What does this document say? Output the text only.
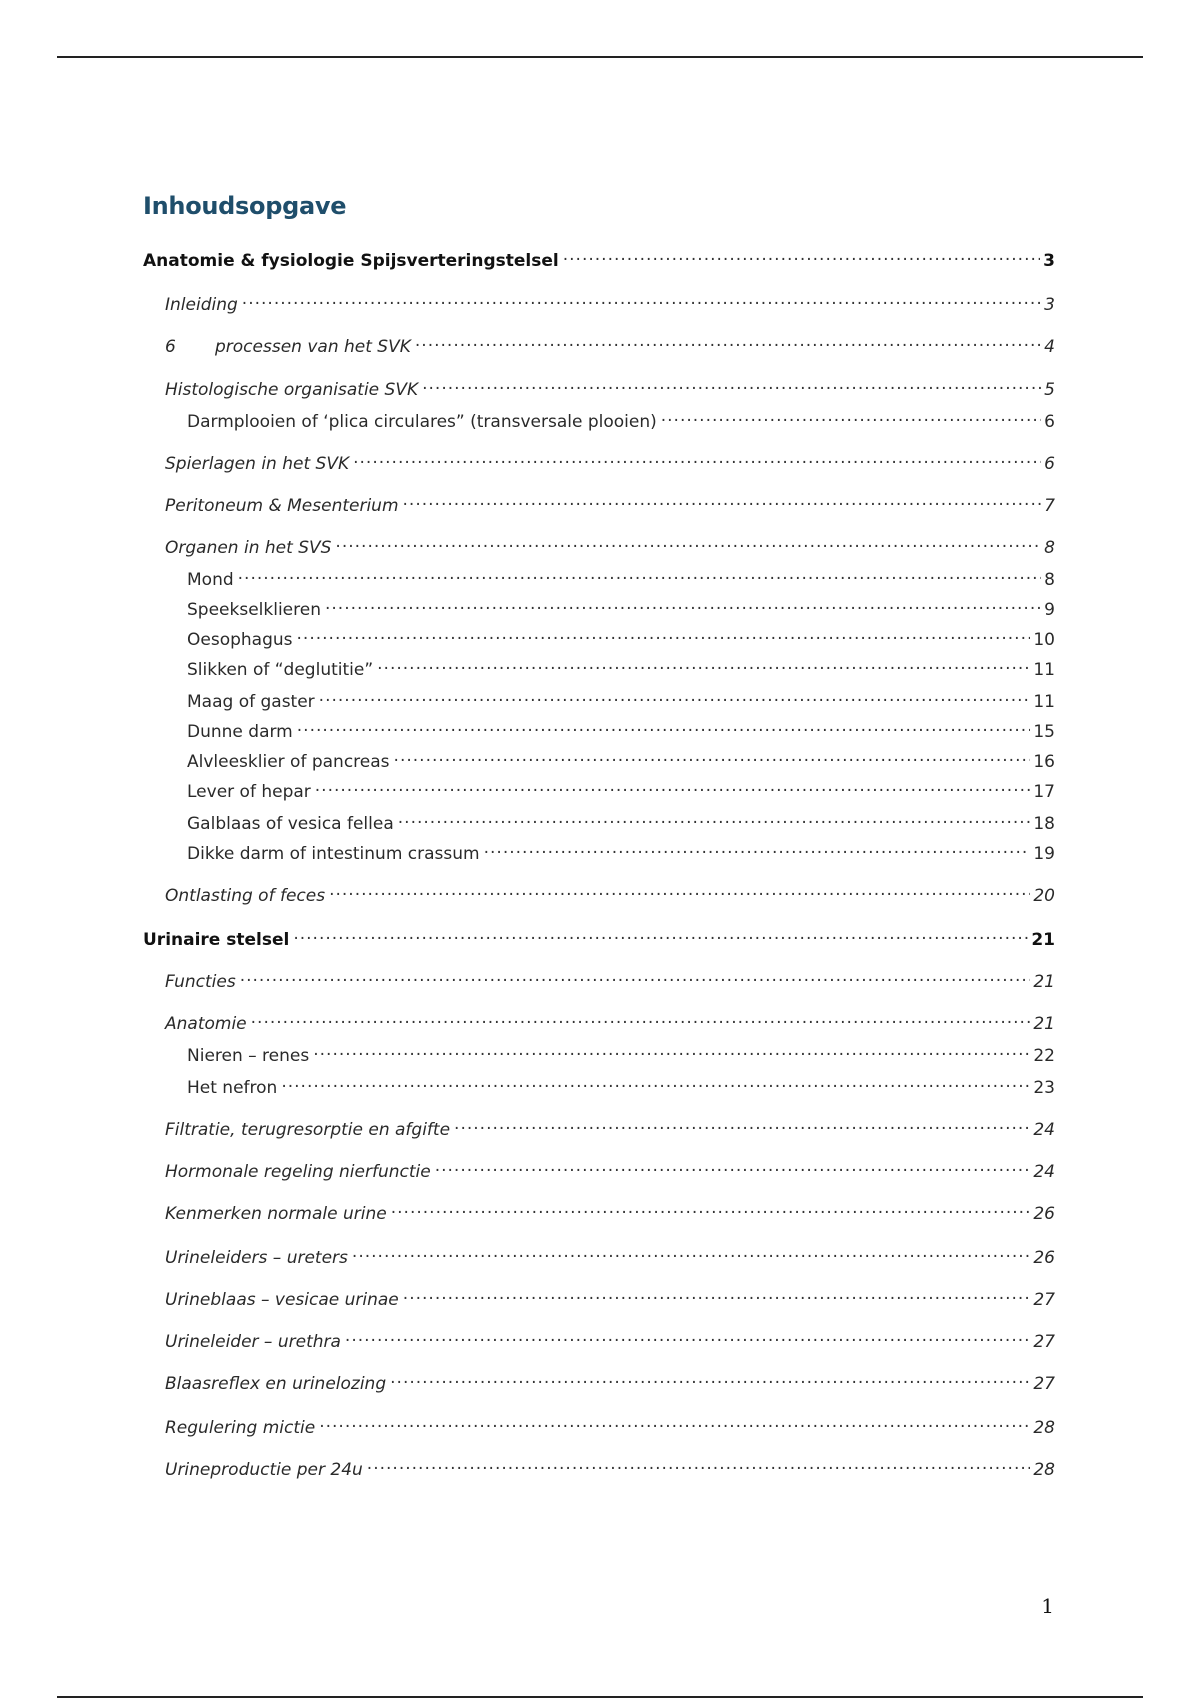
Inhoudsopgave
Anatomie & fysiologie Spijsverteringstelsel . . .	3
Inleiding . . .	3
6	processen van het SVK . . .	4
Histologische organisatie SVK . . .	5
Darmplooien of ‘plica circulares” (transversale plooien) . . .	6
Spierlagen in het SVK . . .	6
Peritoneum & Mesenterium . . .	7
Organen in het SVS . . .	8
Mond . . .	8
Speekselklieren . . .	9
Oesophagus . . .	10
Slikken of “deglutitie” . . .	11
Maag of gaster . . .	11
Dunne darm . . .	15
Alvleesklier of pancreas . . .	16
Lever of hepar . . .	17
Galblaas of vesica fellea . . .	18
Dikke darm of intestinum crassum . . .	19
Ontlasting of feces . . .	20
Urinaire stelsel . . .	21
Functies . . .	21
Anatomie . . .	21
Nieren – renes . . .	22
Het nefron . . .	23
Filtratie, terugresorptie en afgifte . . .	24
Hormonale regeling nierfunctie . . .	24
Kenmerken normale urine . . .	26
Urineleiders – ureters . . .	26
Urineblaas – vesicae urinae . . .	27
Urineleider – urethra . . .	27
Blaasreflex en urinelozing . . .	27
Regulering mictie . . .	28
Urineproductie per 24u . . .	28
1
